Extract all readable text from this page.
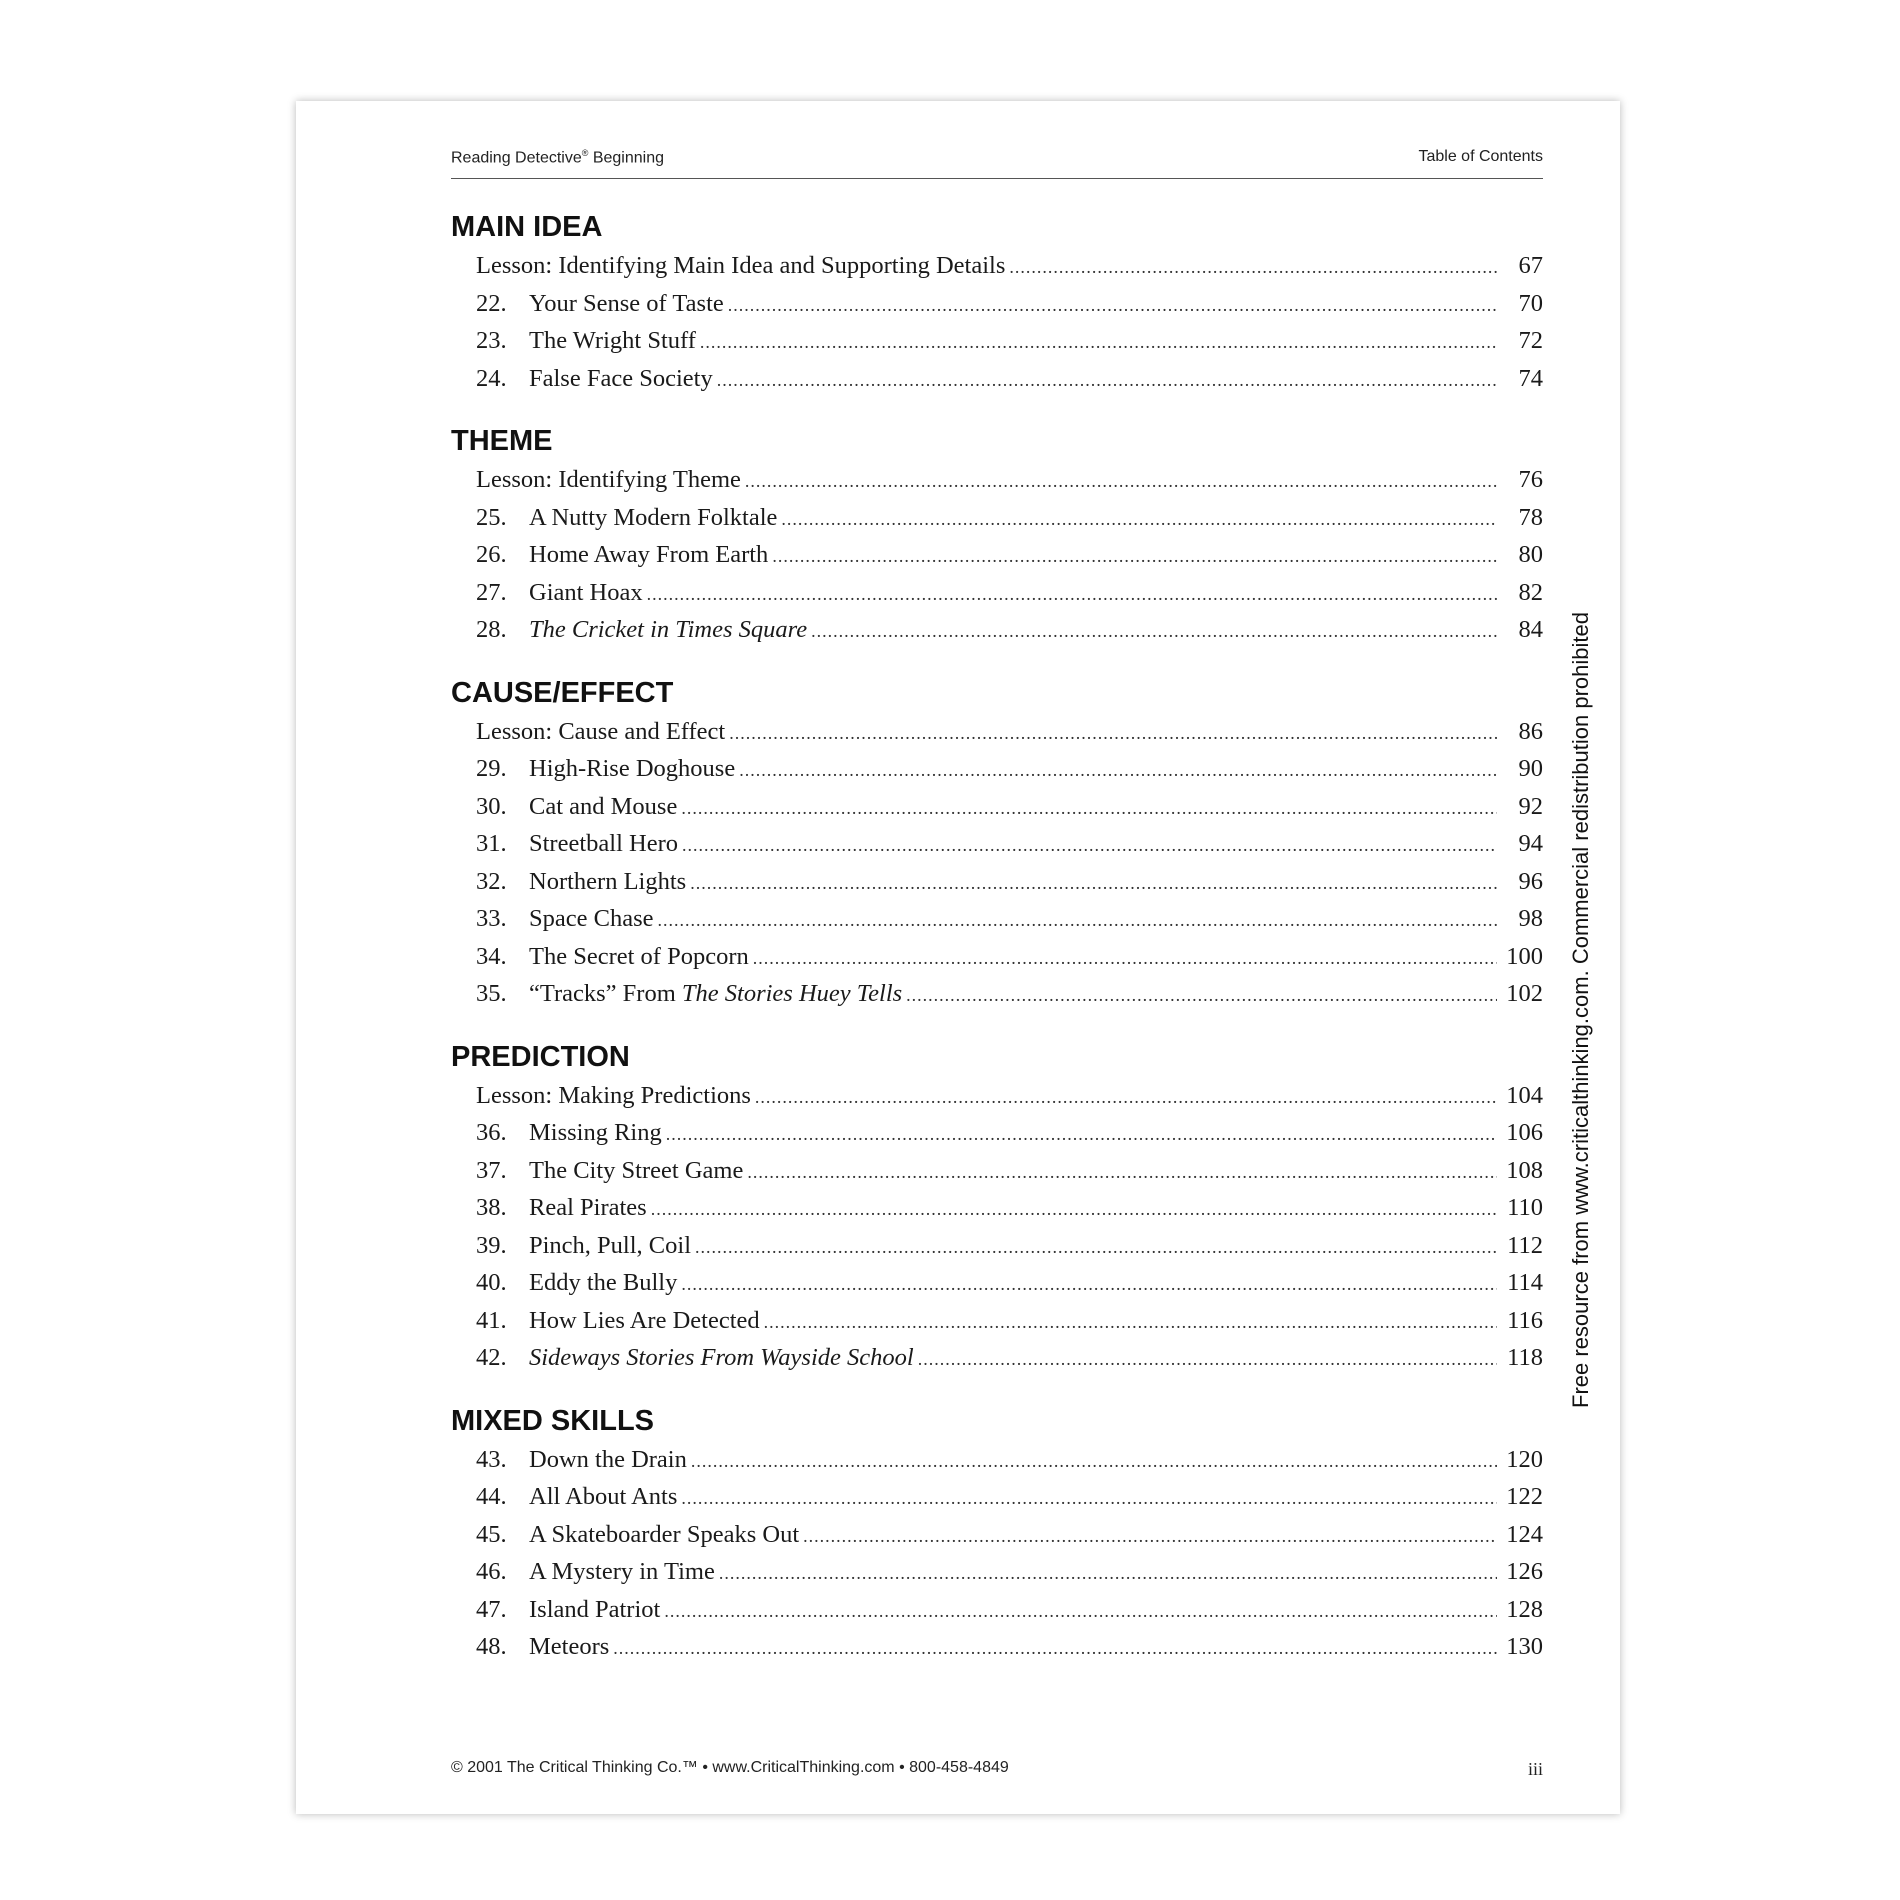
Reading Detective® Beginning	Table of Contents
MAIN IDEA
Lesson: Identifying Main Idea and Supporting Details .....	67
22. Your Sense of Taste .....	70
23. The Wright Stuff .....	72
24. False Face Society .....	74
THEME
Lesson: Identifying Theme .....	76
25. A Nutty Modern Folktale .....	78
26. Home Away From Earth .....	80
27. Giant Hoax .....	82
28. The Cricket in Times Square .....	84
CAUSE/EFFECT
Lesson: Cause and Effect .....	86
29. High-Rise Doghouse .....	90
30. Cat and Mouse .....	92
31. Streetball Hero .....	94
32. Northern Lights .....	96
33. Space Chase .....	98
34. The Secret of Popcorn .....	100
35. “Tracks” From The Stories Huey Tells .....	102
PREDICTION
Lesson: Making Predictions .....	104
36. Missing Ring .....	106
37. The City Street Game .....	108
38. Real Pirates .....	110
39. Pinch, Pull, Coil .....	112
40. Eddy the Bully .....	114
41. How Lies Are Detected .....	116
42. Sideways Stories From Wayside School .....	118
MIXED SKILLS
43. Down the Drain .....	120
44. All About Ants .....	122
45. A Skateboarder Speaks Out .....	124
46. A Mystery in Time .....	126
47. Island Patriot .....	128
48. Meteors .....	130
© 2001 The Critical Thinking Co.™ • www.CriticalThinking.com • 800-458-4849	iii
Free resource from www.criticalthinking.com. Commercial redistribution prohibited
